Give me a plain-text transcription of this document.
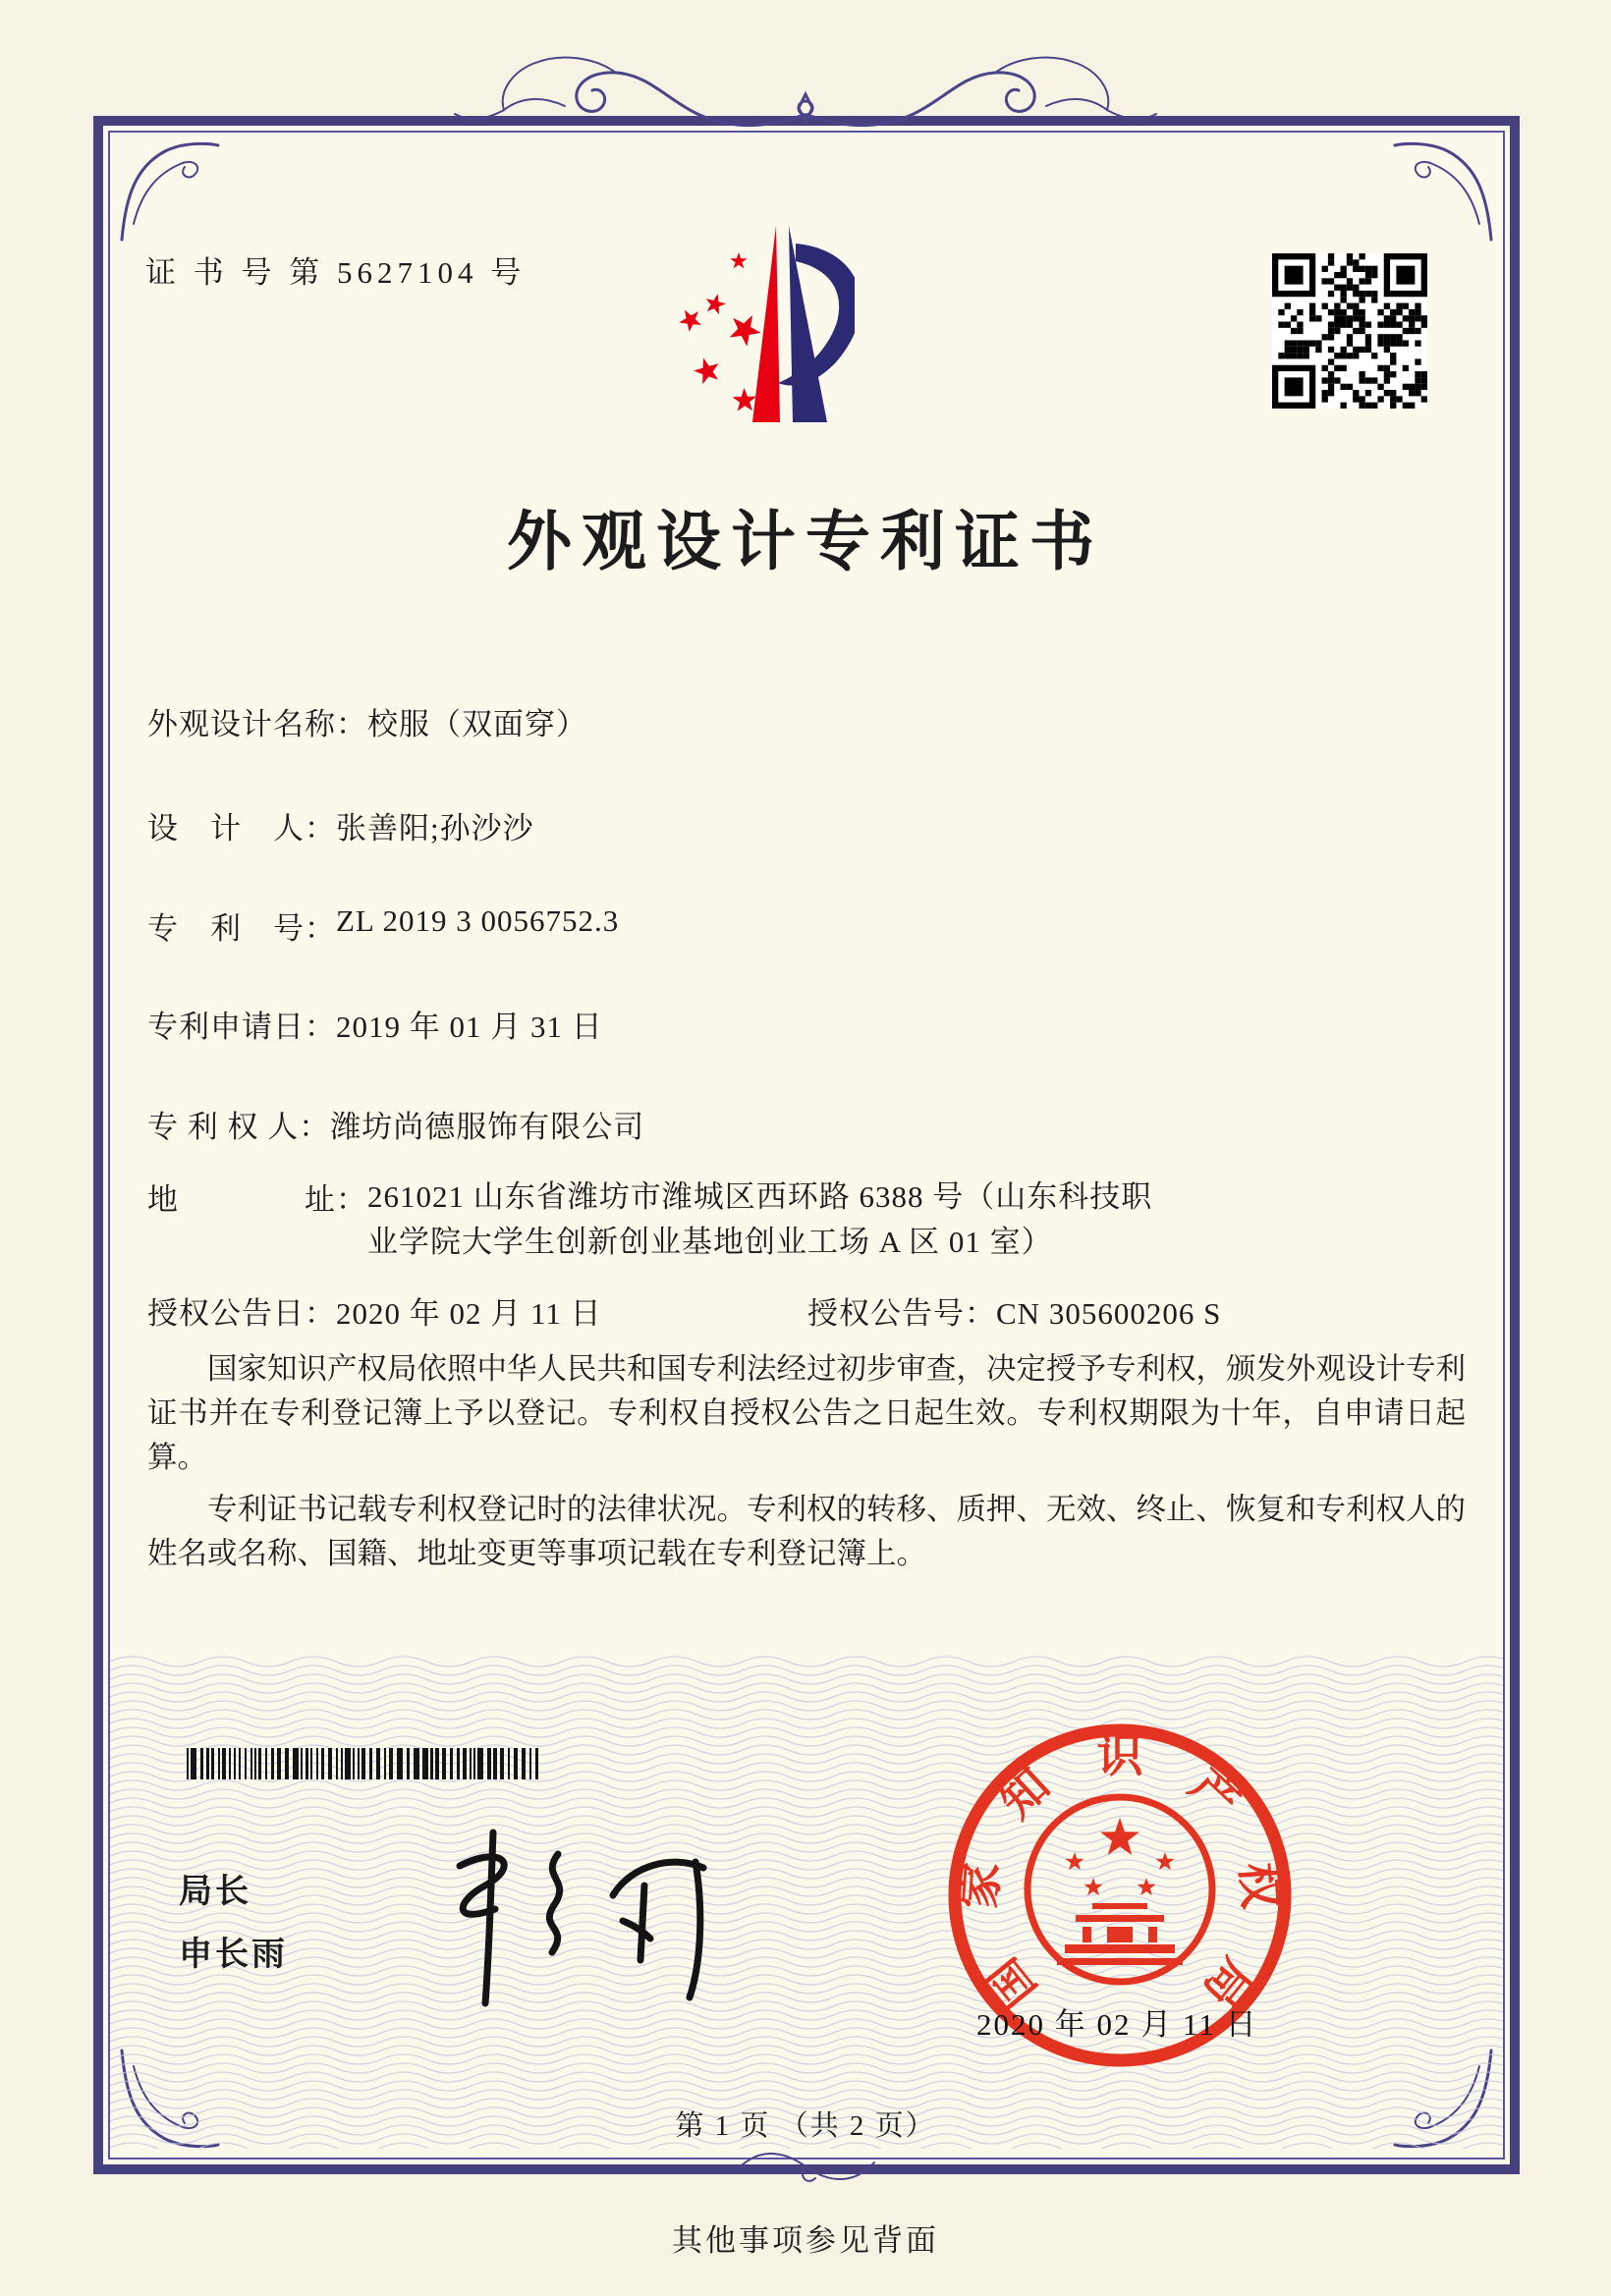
证 书 号 第 5627104 号
外观设计专利证书
外观设计名称： 校服（双面穿）
设　计　人： 张善阳;孙沙沙
专　利　号： ZL 2019 3 0056752.3
专利申请日： 2019 年 01 月 31 日
专 利 权 人： 潍坊尚德服饰有限公司
地　　　　址： 261021 山东省潍坊市潍城区西环路 6388 号（山东科技职业学院大学生创新创业基地创业工场 A 区 01 室）
授权公告日： 2020 年 02 月 11 日	授权公告号：CN 305600206 S

国家知识产权局依照中华人民共和国专利法经过初步审查，决定授予专利权，颁发外观设计专利证书并在专利登记簿上予以登记。专利权自授权公告之日起生效。专利权期限为十年，自申请日起算。

专利证书记载专利权登记时的法律状况。专利权的转移、质押、无效、终止、恢复和专利权人的姓名或名称、国籍、地址变更等事项记载在专利登记簿上。

局长
申长雨	国
家
知
识
产
权
局
2020 年 02 月 11 日
第 1 页 （共 2 页）
其他事项参见背面
